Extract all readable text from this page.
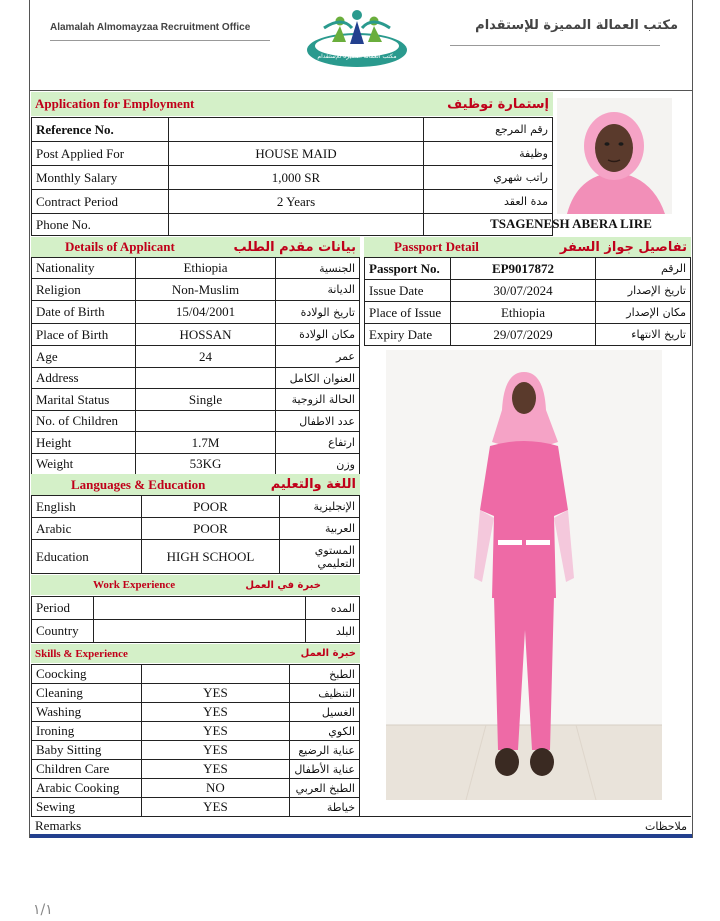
Alamalah Almomayzaa Recruitment Office	مكتب العمالة المميزة للإستقدام
مكتب العمالة المميزة للإستقدام
Application for Employment	إستمارة توظيف
Reference No.		رقم المرجع
Post Applied For	HOUSE MAID	وظيفة
Monthly Salary	1,000 SR	راتب شهري
Contract Period	2 Years	مدة العقد
Phone No.			TSAGENESH ABERA LIRE
Details of Applicant	بيانات مقدم الطلب
Nationality	Ethiopia	الجنسية
Religion	Non-Muslim	الديانة
Date of Birth	15/04/2001	تاريخ الولادة
Place of Birth	HOSSAN	مكان الولادة
Age	24	عمر
Address		العنوان الكامل
Marital Status	Single	الحالة الزوجية
No. of Children		عدد الاطفال
Height	1.7M	ارتفاع
Weight	53KG	وزن
Passport Detail	تفاصيل جواز السفر
Passport No.	EP9017872	الرقم
Issue Date	30/07/2024	تاريخ الإصدار
Place of Issue	Ethiopia	مكان الإصدار
Expiry Date	29/07/2029	تاريخ الانتهاء
Languages & Education	اللغة والتعليم
English	POOR	الإنجليزية
Arabic	POOR	العربية
Education	HIGH SCHOOL	المستوي التعليمي
Work Experience	خبرة في العمل
Period		المده
Country		البلد
Skills & Experience	خبرة العمل
Coocking		الطبخ
Cleaning	YES	التنظيف
Washing	YES	الغسيل
Ironing	YES	الكوي
Baby Sitting	YES	عناية الرضيع
Children Care	YES	عناية الأطفال
Arabic Cooking	NO	الطبخ العربي
Sewing	YES	خياطة
Remarks	ملاحظات
١/١
